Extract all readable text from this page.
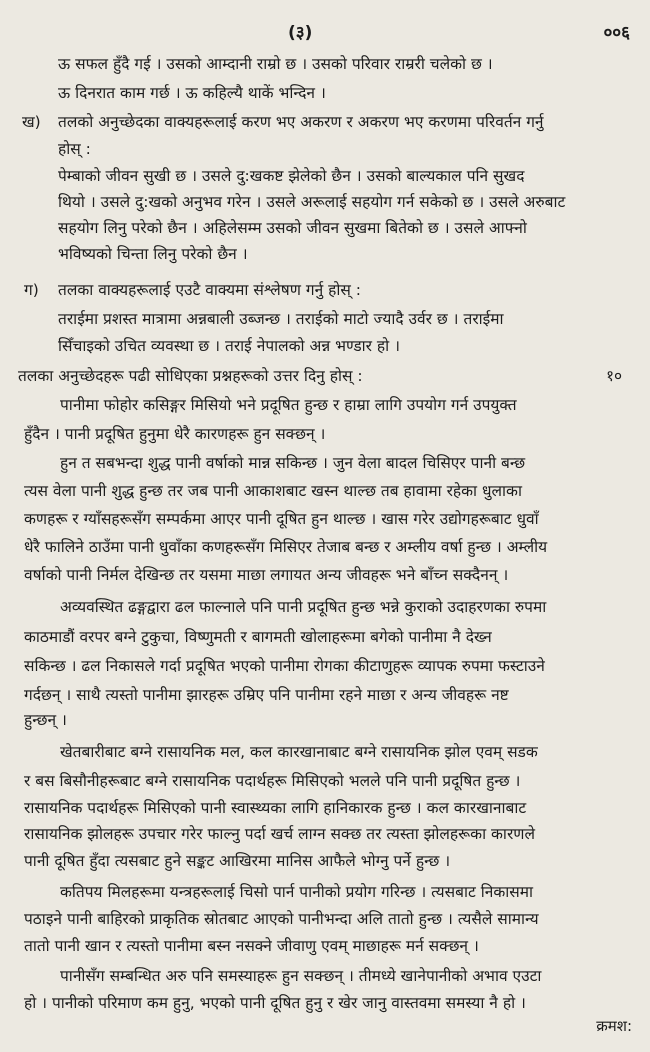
(३)	००६
ऊ सफल हुँदै गई । उसको आम्दानी राम्रो छ । उसको परिवार राम्ररी चलेको छ ।
ऊ दिनरात काम गर्छ । ऊ कहिल्यै थाकें भन्दिन ।
ख) तलको अनुच्छेदका वाक्यहरूलाई करण भए अकरण र अकरण भए करणमा परिवर्तन गर्नु
होस् :
पेम्बाको जीवन सुखी छ । उसले दु:खकष्ट झेलेको छैन । उसको बाल्यकाल पनि सुखद
थियो । उसले दु:खको अनुभव गरेन । उसले अरूलाई सहयोग गर्न सकेको छ । उसले अरुबाट
सहयोग लिनु परेको छैन । अहिलेसम्म उसको जीवन सुखमा बितेको छ । उसले आफ्नो
भविष्यको चिन्ता लिनु परेको छैन ।
ग) तलका वाक्यहरूलाई एउटै वाक्यमा संश्लेषण गर्नु होस् :
तराईमा प्रशस्त मात्रामा अन्नबाली उब्जन्छ । तराईको माटो ज्यादै उर्वर छ । तराईमा
सिँचाइको उचित व्यवस्था छ । तराई नेपालको अन्न भण्डार हो ।
तलका अनुच्छेदहरू पढी सोधिएका प्रश्नहरूको उत्तर दिनु होस् :	१०
पानीमा फोहोर कसिङ्गर मिसियो भने प्रदूषित हुन्छ र हाम्रा लागि उपयोग गर्न उपयुक्त
हुँदैन । पानी प्रदूषित हुनुमा धेरै कारणहरू हुन सक्छन् ।
हुन त सबभन्दा शुद्ध पानी वर्षाको मान्न सकिन्छ । जुन वेला बादल चिसिएर पानी बन्छ
त्यस वेला पानी शुद्ध हुन्छ तर जब पानी आकाशबाट खस्न थाल्छ तब हावामा रहेका धुलाका
कणहरू र ग्याँसहरूसँग सम्पर्कमा आएर पानी दूषित हुन थाल्छ । खास गरेर उद्योगहरूबाट धुवाँ
धेरै फालिने ठाउँमा पानी धुवाँका कणहरूसँग मिसिएर तेजाब बन्छ र अम्लीय वर्षा हुन्छ । अम्लीय
वर्षाको पानी निर्मल देखिन्छ तर यसमा माछा लगायत अन्य जीवहरू भने बाँच्न सक्दैनन् ।
अव्यवस्थित ढङ्गद्वारा ढल फाल्नाले पनि पानी प्रदूषित हुन्छ भन्ने कुराको उदाहरणका रुपमा
काठमाडौं वरपर बग्ने टुकुचा, विष्णुमती र बागमती खोलाहरूमा बगेको पानीमा नै देख्न
सकिन्छ । ढल निकासले गर्दा प्रदूषित भएको पानीमा रोगका कीटाणुहरू व्यापक रुपमा फस्टाउने
गर्दछन् । साथै त्यस्तो पानीमा झारहरू उम्रिए पनि पानीमा रहने माछा र अन्य जीवहरू नष्ट
हुन्छन् ।
खेतबारीबाट बग्ने रासायनिक मल, कल कारखानाबाट बग्ने रासायनिक झोल एवम् सडक
र बस बिसौनीहरूबाट बग्ने रासायनिक पदार्थहरू मिसिएको भलले पनि पानी प्रदूषित हुन्छ ।
रासायनिक पदार्थहरू मिसिएको पानी स्वास्थ्यका लागि हानिकारक हुन्छ । कल कारखानाबाट
रासायनिक झोलहरू उपचार गरेर फाल्नु पर्दा खर्च लाग्न सक्छ तर त्यस्ता झोलहरूका कारणले
पानी दूषित हुँदा त्यसबाट हुने सङ्कट आखिरमा मानिस आफैले भोग्नु पर्ने हुन्छ ।
कतिपय मिलहरूमा यन्त्रहरूलाई चिसो पार्न पानीको प्रयोग गरिन्छ । त्यसबाट निकासमा
पठाइने पानी बाहिरको प्राकृतिक स्रोतबाट आएको पानीभन्दा अलि तातो हुन्छ । त्यसैले सामान्य
तातो पानी खान र त्यस्तो पानीमा बस्न नसक्ने जीवाणु एवम् माछाहरू मर्न सक्छन् ।
पानीसँग सम्बन्धित अरु पनि समस्याहरू हुन सक्छन् । तीमध्ये खानेपानीको अभाव एउटा
हो । पानीको परिमाण कम हुनु, भएको पानी दूषित हुनु र खेर जानु वास्तवमा समस्या नै हो ।
क्रमश:
